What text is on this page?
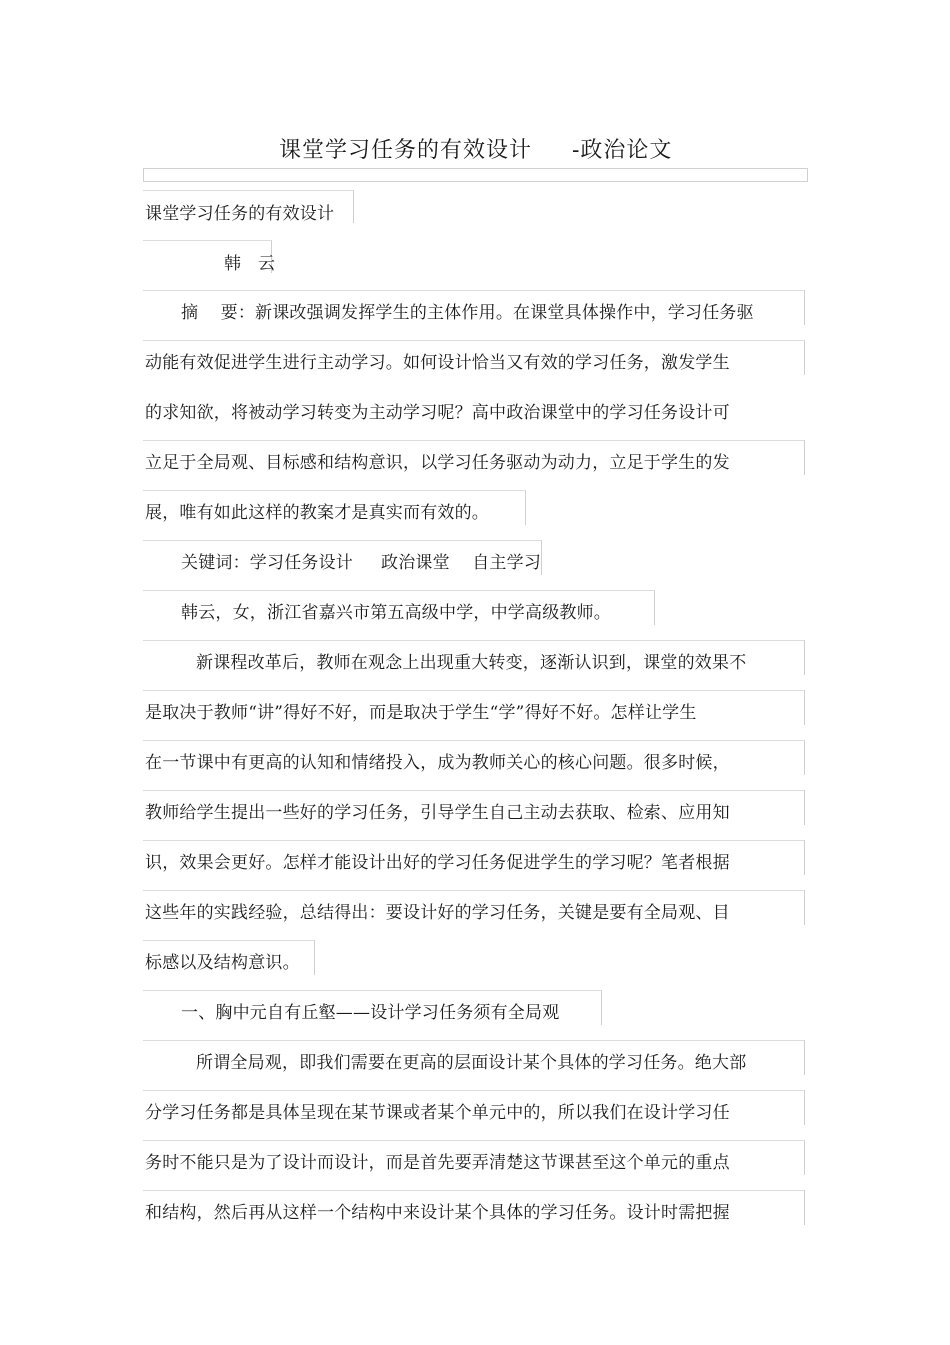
课堂学习任务的有效设计     -政治论文
课堂学习任务的有效设计
韩   云
摘    要：新课改强调发挥学生的主体作用。在课堂具体操作中，学习任务驱
动能有效促进学生进行主动学习。如何设计恰当又有效的学习任务，激发学生
的求知欲，将被动学习转变为主动学习呢？高中政治课堂中的学习任务设计可
立足于全局观、目标感和结构意识，以学习任务驱动为动力，立足于学生的发
展，唯有如此这样的教案才是真实而有效的。
关键词：学习任务设计     政治课堂    自主学习
韩云，女，浙江省嘉兴市第五高级中学，中学高级教师。
新课程改革后，教师在观念上出现重大转变，逐渐认识到，课堂的效果不
是取决于教师“讲”得好不好，而是取决于学生“学”得好不好。怎样让学生
在一节课中有更高的认知和情绪投入，成为教师关心的核心问题。很多时候，
教师给学生提出一些好的学习任务，引导学生自己主动去获取、检索、应用知
识，效果会更好。怎样才能设计出好的学习任务促进学生的学习呢？笔者根据
这些年的实践经验，总结得出：要设计好的学习任务，关键是要有全局观、目
标感以及结构意识。
一、胸中元自有丘壑——设计学习任务须有全局观
所谓全局观，即我们需要在更高的层面设计某个具体的学习任务。绝大部
分学习任务都是具体呈现在某节课或者某个单元中的，所以我们在设计学习任
务时不能只是为了设计而设计，而是首先要弄清楚这节课甚至这个单元的重点
和结构，然后再从这样一个结构中来设计某个具体的学习任务。设计时需把握
